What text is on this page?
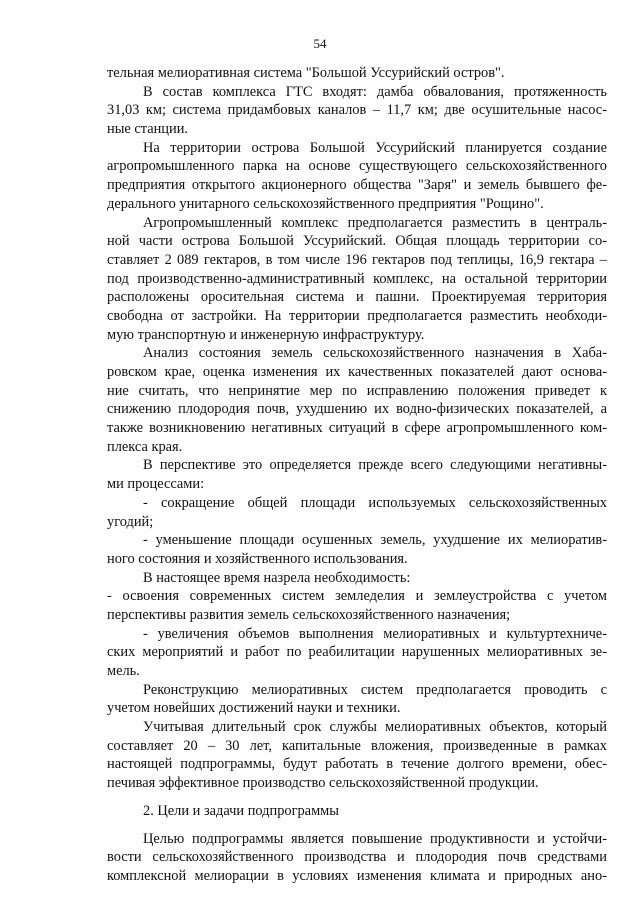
54
тельная мелиоративная система "Большой Уссурийский остров".
В состав комплекса ГТС входят: дамба обвалования, протяженность
31,03 км; система придамбовых каналов – 11,7 км; две осушительные насос-
ные станции.
На территории острова Большой Уссурийский планируется создание
агропромышленного парка на основе существующего сельскохозяйственного
предприятия открытого акционерного общества "Заря" и земель бывшего фе-
дерального унитарного сельскохозяйственного предприятия "Рощино".
Агропромышленный комплекс предполагается разместить в централь-
ной части острова Большой Уссурийский. Общая площадь территории со-
ставляет 2 089 гектаров, в том числе 196 гектаров под теплицы, 16,9 гектара –
под производственно-административный комплекс, на остальной территории
расположены оросительная система и пашни. Проектируемая территория
свободна от застройки. На территории предполагается разместить необходи-
мую транспортную и инженерную инфраструктуру.
Анализ состояния земель сельскохозяйственного назначения в Хаба-
ровском крае, оценка изменения их качественных показателей дают основа-
ние считать, что непринятие мер по исправлению положения приведет к
снижению плодородия почв, ухудшению их водно-физических показателей, а
также возникновению негативных ситуаций в сфере агропромышленного ком-
плекса края.
В перспективе это определяется прежде всего следующими негативны-
ми процессами:
- сокращение общей площади используемых сельскохозяйственных
угодий;
- уменьшение площади осушенных земель, ухудшение их мелиоратив-
ного состояния и хозяйственного использования.
В настоящее время назрела необходимость:
- освоения современных систем земледелия и землеустройства с учетом
перспективы развития земель сельскохозяйственного назначения;
- увеличения объемов выполнения мелиоративных и культуртехниче-
ских мероприятий и работ по реабилитации нарушенных мелиоративных зе-
мель.
Реконструкцию мелиоративных систем предполагается проводить с
учетом новейших достижений науки и техники.
Учитывая длительный срок службы мелиоративных объектов, который
составляет 20 – 30 лет, капитальные вложения, произведенные в рамках
настоящей подпрограммы, будут работать в течение долгого времени, обес-
печивая эффективное производство сельскохозяйственной продукции.
2. Цели и задачи подпрограммы
Целью подпрограммы является повышение продуктивности и устойчи-
вости сельскохозяйственного производства и плодородия почв средствами
комплексной мелиорации в условиях изменения климата и природных ано-
